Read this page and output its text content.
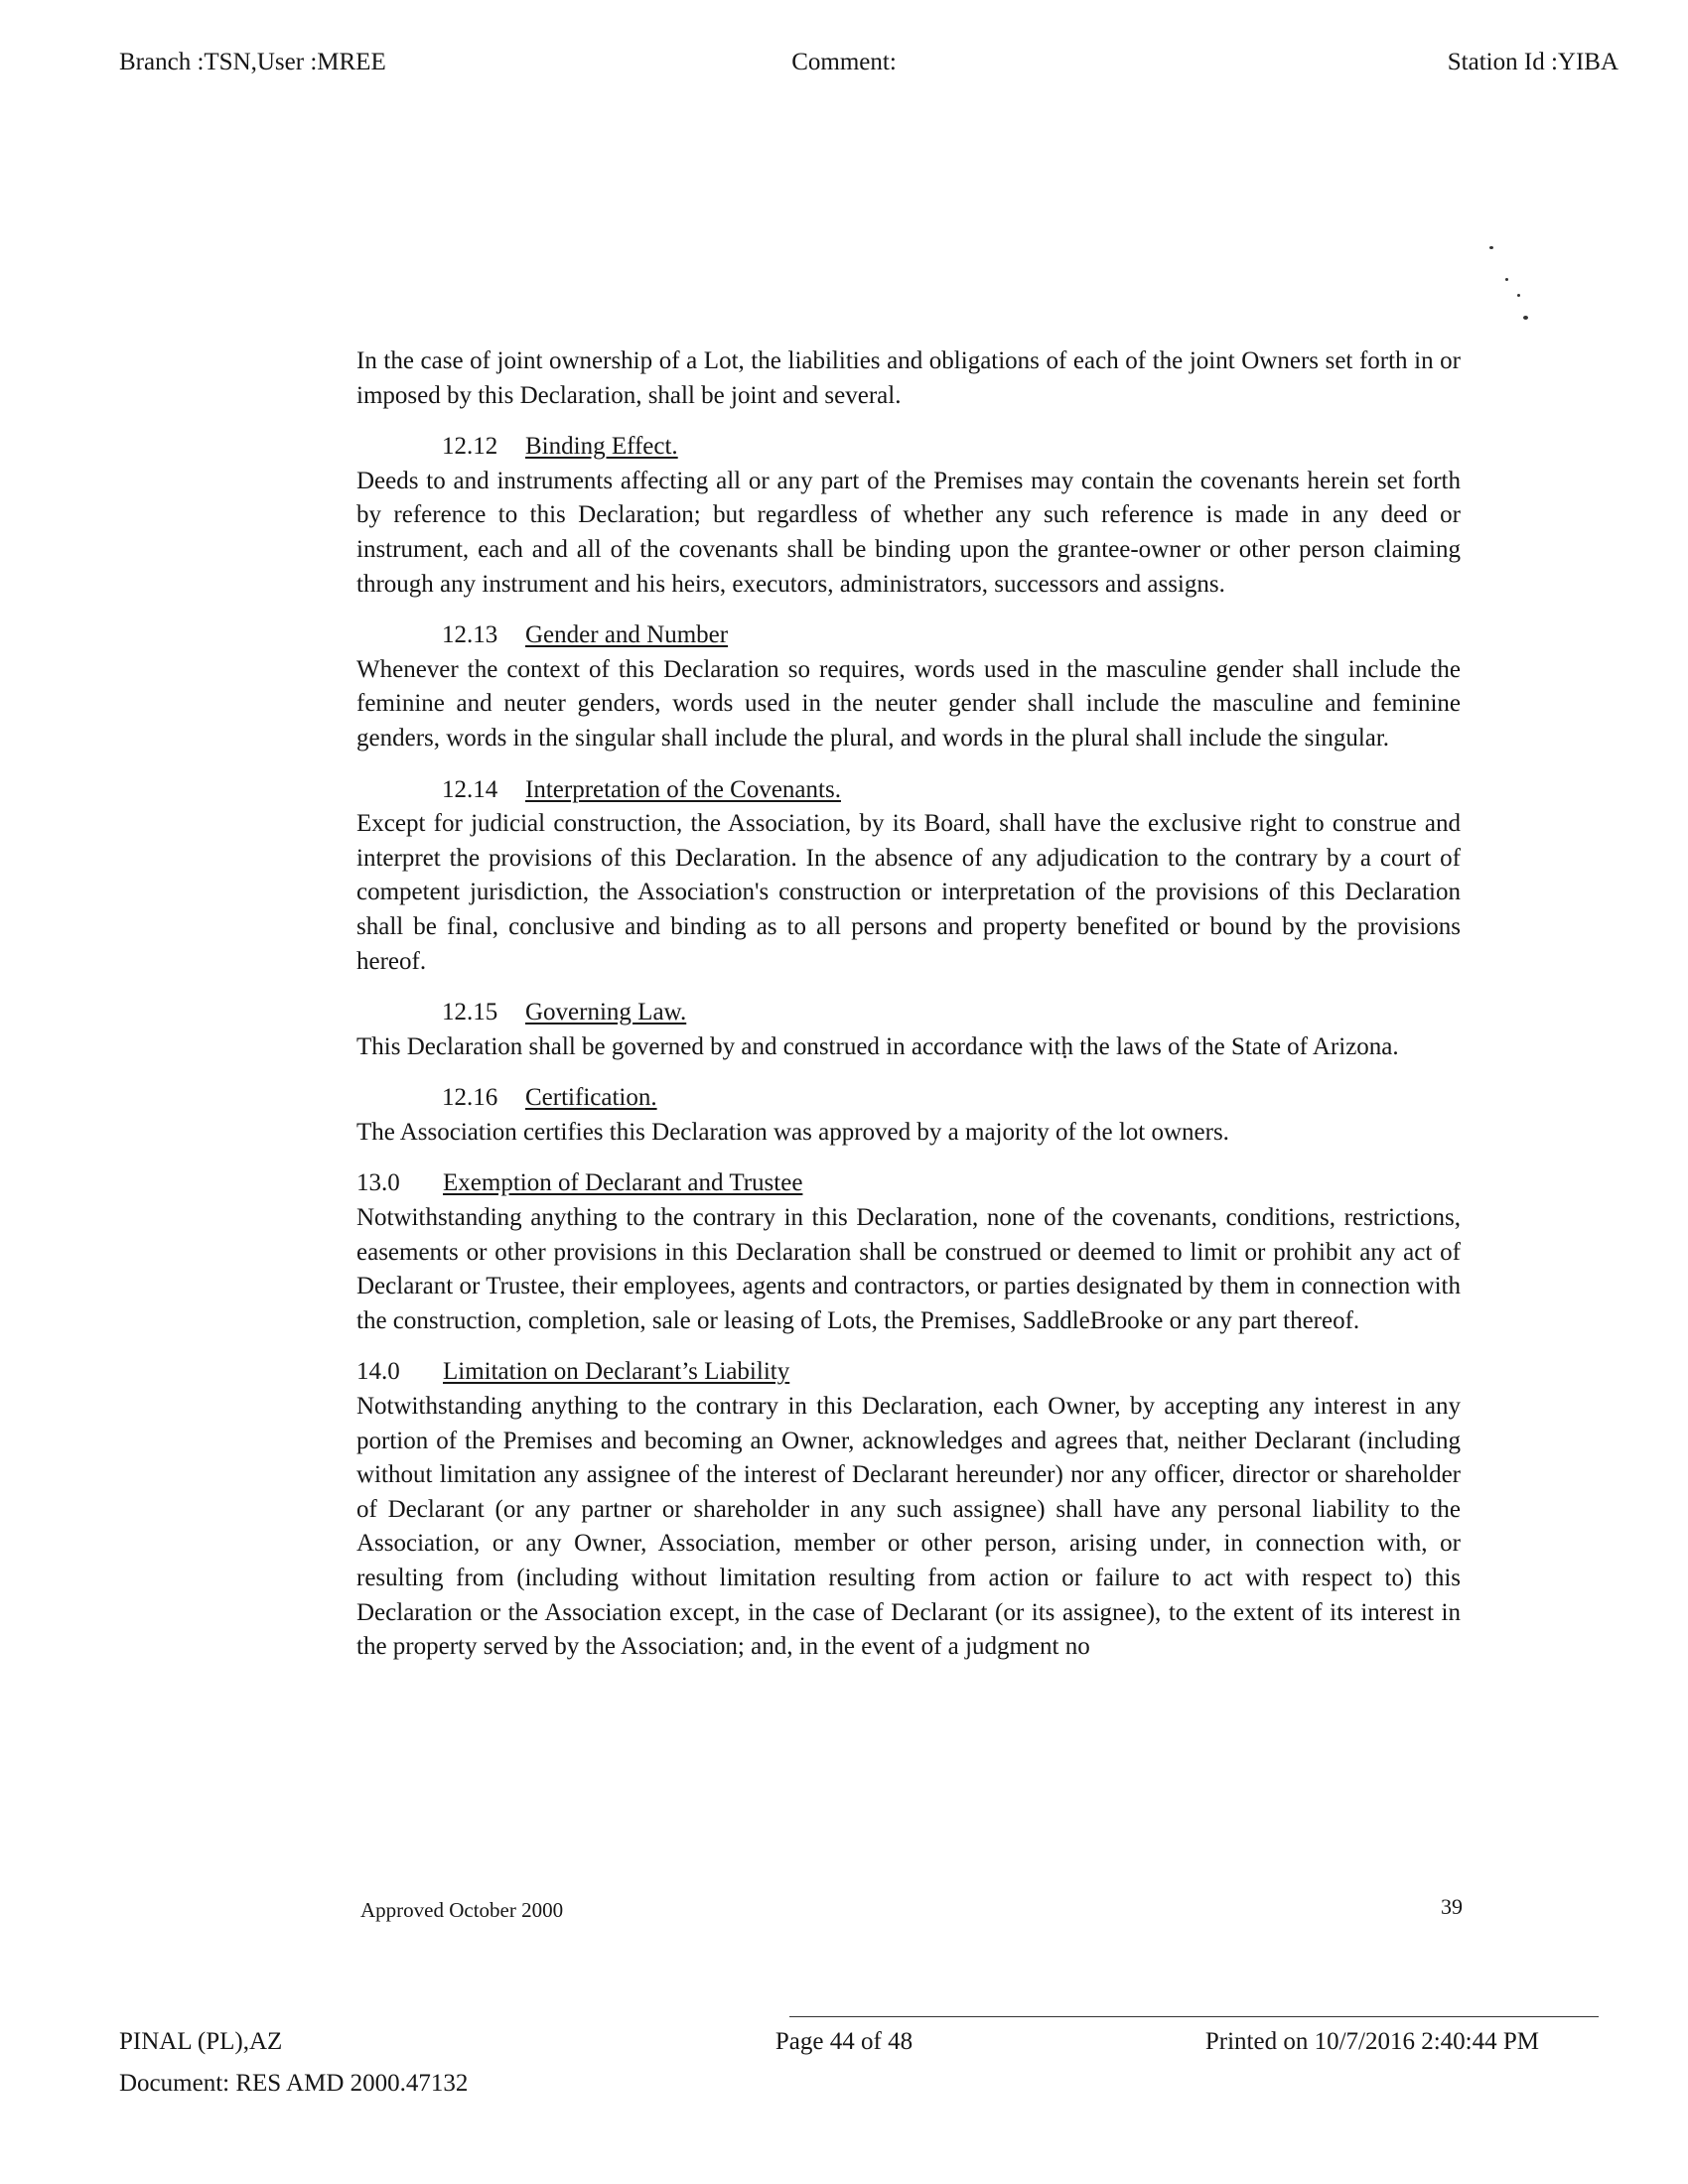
Branch :TSN,User :MREE	Comment:	Station Id :YIBA

In the case of joint ownership of a Lot, the liabilities and obligations of each of the joint Owners set forth in or imposed by this Declaration, shall be joint and several.

12.12 Binding Effect.

Deeds to and instruments affecting all or any part of the Premises may contain the covenants herein set forth by reference to this Declaration; but regardless of whether any such reference is made in any deed or instrument, each and all of the covenants shall be binding upon the grantee-owner or other person claiming through any instrument and his heirs, executors, administrators, successors and assigns.

12.13 Gender and Number

Whenever the context of this Declaration so requires, words used in the masculine gender shall include the feminine and neuter genders, words used in the neuter gender shall include the masculine and feminine genders, words in the singular shall include the plural, and words in the plural shall include the singular.

12.14 Interpretation of the Covenants.

Except for judicial construction, the Association, by its Board, shall have the exclusive right to construe and interpret the provisions of this Declaration. In the absence of any adjudication to the contrary by a court of competent jurisdiction, the Association's construction or interpretation of the provisions of this Declaration shall be final, conclusive and binding as to all persons and property benefited or bound by the provisions hereof.

12.15 Governing Law.

This Declaration shall be governed by and construed in accordance with the laws of the State of Arizona.

12.16 Certification.

The Association certifies this Declaration was approved by a majority of the lot owners.

13.0 Exemption of Declarant and Trustee

Notwithstanding anything to the contrary in this Declaration, none of the covenants, conditions, restrictions, easements or other provisions in this Declaration shall be construed or deemed to limit or prohibit any act of Declarant or Trustee, their employees, agents and contractors, or parties designated by them in connection with the construction, completion, sale or leasing of Lots, the Premises, SaddleBrooke or any part thereof.

14.0 Limitation on Declarant’s Liability

Notwithstanding anything to the contrary in this Declaration, each Owner, by accepting any interest in any portion of the Premises and becoming an Owner, acknowledges and agrees that, neither Declarant (including without limitation any assignee of the interest of Declarant hereunder) nor any officer, director or shareholder of Declarant (or any partner or shareholder in any such assignee) shall have any personal liability to the Association, or any Owner, Association, member or other person, arising under, in connection with, or resulting from (including without limitation resulting from action or failure to act with respect to) this Declaration or the Association except, in the case of Declarant (or its assignee), to the extent of its interest in the property served by the Association; and, in the event of a judgment no

Approved October 2000	39
PINAL (PL),AZ
Document: RES AMD 2000.47132
Page 44 of 48	Printed on 10/7/2016 2:40:44 PM
